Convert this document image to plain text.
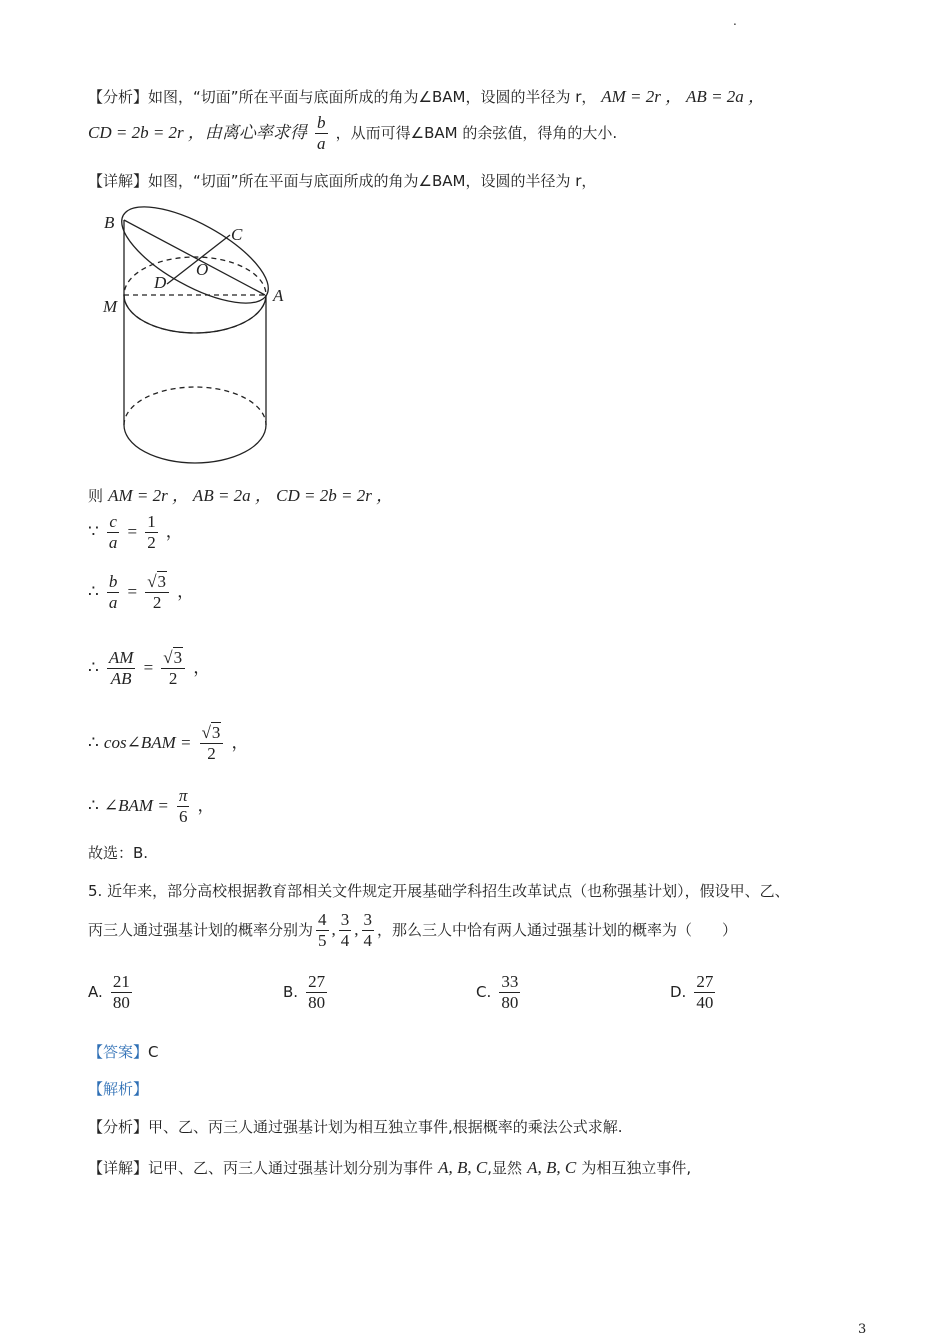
.
3
【分析】如图，“切面”所在平面与底面所成的角为∠BAM，设圆的半径为 r， AM = 2r ， AB = 2a ，
CD = 2b = 2r ，由离心率求得 $\frac{b}{a}$ ，从而可得∠BAM 的余弦值，得角的大小.
【详解】如图，“切面”所在平面与底面所成的角为∠BAM，设圆的半径为 r，
B
C
O
D
M
A
则 AM = 2r ， AB = 2a ， CD = 2b = 2r ，
∵ $\frac{c}{a} = \frac{1}{2}$ ，
∴ $\frac{b}{a} = \frac{√3}{2}$ ，
∴ $\frac{AM}{AB} = \frac{√3}{2}$ ，
∴ cos∠BAM = $\frac{√3}{2}$ ，
∴ ∠BAM = $\frac{\pi}{6}$ ，
故选：B.
5. 近年来，部分高校根据教育部相关文件规定开展基础学科招生改革试点（也称强基计划），假设甲、乙、
丙三人通过强基计划的概率分别为 $\frac{4}{5}$ , $\frac{3}{4}$ , $\frac{3}{4}$ ，那么三人中恰有两人通过强基计划的概率为（　　）
A. $\frac{21}{80}$	B. $\frac{27}{80}$	C. $\frac{33}{80}$	D. $\frac{27}{40}$
【答案】C
【解析】
【分析】甲、乙、丙三人通过强基计划为相互独立事件,根据概率的乘法公式求解.
【详解】记甲、乙、丙三人通过强基计划分别为事件 A, B, C,显然 A, B, C 为相互独立事件,
